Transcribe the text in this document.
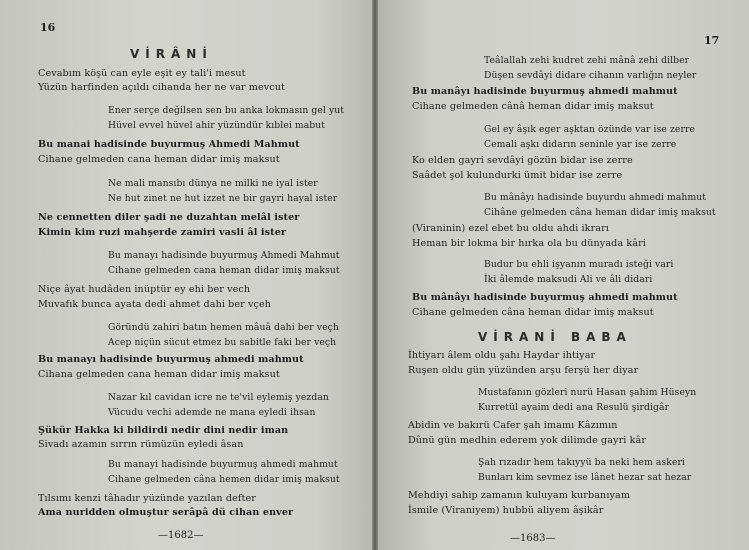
16
VİRÂNİ
Cevabım köşü can eyle eşit ey tali'i mesut
Yüzün harfinden açıldı cihanda her ne var mevcut
Ener serçe değilsen sen bu anka lokmasın gel yut
Hüvel evvel hüvel ahir yüzündür kıblei mabut
Bu manai hadisinde buyurmuş Ahmedi Mahmut
Cihane gelmeden cana heman didar imiş maksut
Ne mali mansıbı dünya ne milki ne iyal ister
Ne hut zinet ne hut izzet ne bir gayri hayal ister
Ne cennetten diler şadi ne duzahtan melâl ister
Kimin kim ruzi mahşerde zamiri vasli âl ister
Bu manayı hadisinde buyurmuş Ahmedi Mahmut
Cihane gelmeden cana heman didar imiş maksut
Niçe âyat hudâden inüptür ey ehi ber vech
Muvafık bunca ayata dedi ahmet dahi ber vçeh
Göründü zahiri batın hemen mâuâ dahi ber veçh
Acep niçün sücut etmez bu sabitle faki ber veçh
Bu manayı hadisinde buyurmuş ahmedi mahmut
Cihana gelmeden cana heman didar imiş maksut
Nazar kıl cavidan icre ne te'vil eylemiş yezdan
Vücudu vechi ademde ne mana eyledi ihsan
Şükür Hakka ki bildirdi nedir dini nedir iman
Sivadı azamın sırrın rümüzün eyledi âsan
Bu manayi hadisinde buyurmuş ahmedi mahmut
Cihane gelmeden câna hemen didar imiş maksut
Tılsımı kenzi tâhadır yüzünde yazılan defter
Ama nuridden olmuştur serâpâ dü cihan enver
—1682—
17
Teâlallah zehi kudret zehi mânâ zehi dilber
Düşen sevdâyi didare cihanın varlığın neyler
Bu manâyı hadisinde buyurmuş ahmedi mahmut
Cihane gelmeden cânâ heman didar imiş maksut
Gel ey âşık eger aşktan özünde var ise zerre
Cemali aşkı didarın seninle yar ise zerre
Ko elden gayri sevdâyi gözün bidar ise zerre
Saâdet şol kulundurki ümit bidar ise zerre
Bu mânâyı hadisinde buyurdu ahmedi mahmut
Cihâne gelmeden câna heman didar imiş maksut
(Viraninin) ezel ebet bu oldu ahdi ikrarı
Heman bir lokma bir hırka ola bu dünyada kâri
Budur bu ehli işyanın muradı isteği vari
İki âlemde maksudi Ali ve âli didari
Bu mânâyı hadisinde buyurmuş ahmedi mahmut
Cihane gelmeden câna heman didar imiş maksut
VİRANİ BABA
İhtiyarı âlem oldu şahı Haydar ihtiyar
Ruşen oldu gün yüzünden arşu ferşü her diyar
Mustafanın gözleri nurü Hasan şahim Hüseyn
Kurretül ayaim dedi ana Resulü şirdigâr
Abidin ve bakırü Cafer şah imamı Kâzımın
Dûnü gün medhin ederem yok dilimde gayri kâr
Şah rızadır hem takıyyü ba neki hem askeri
Bunları kim sevmez ise lânet hezar sat hezar
Mehdiyi sahip zamanın kuluyam kurbanıyam
İsmile (Viraniyem) hubbü aliyem âşikâr
—1683—
